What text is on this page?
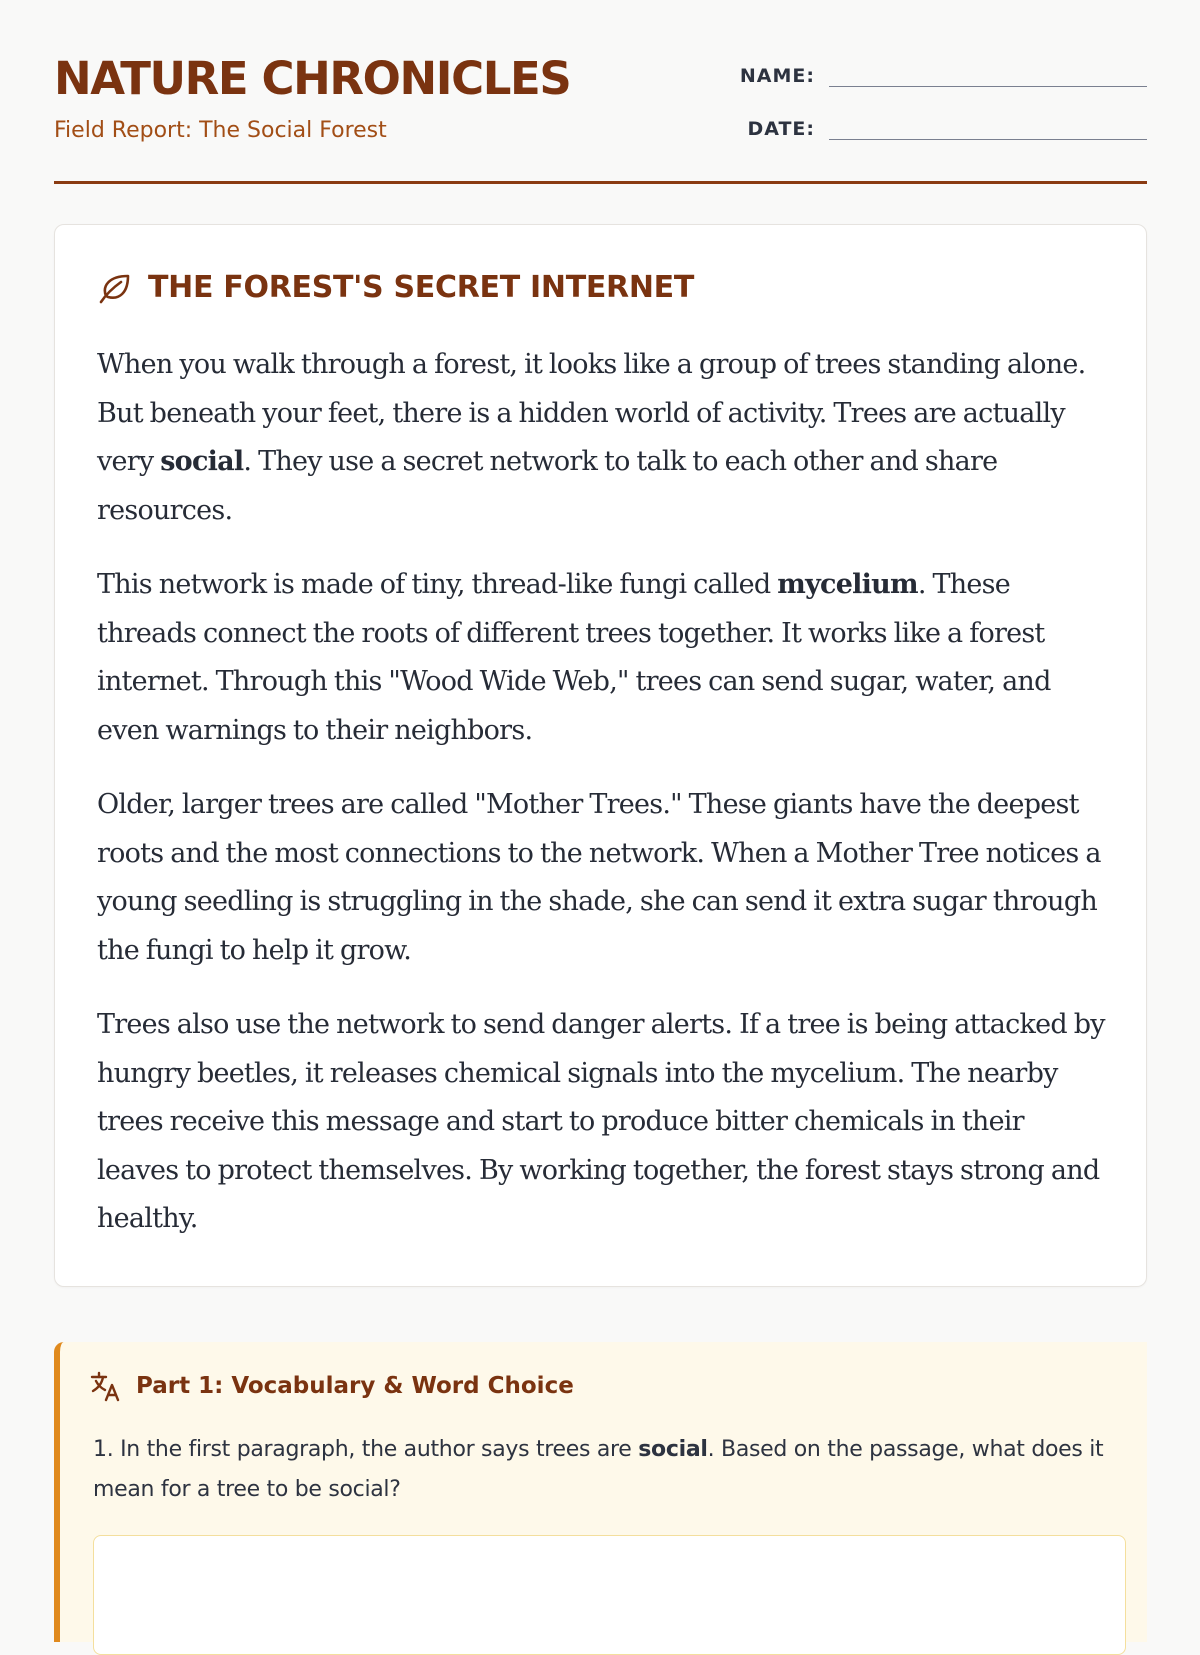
NATURE CHRONICLES
Field Report: The Social Forest
NAME:
DATE:
THE FOREST'S SECRET INTERNET

When you walk through a forest, it looks like a group of trees standing alone. But beneath your feet, there is a hidden world of activity. Trees are actually very social. They use a secret network to talk to each other and share resources.

This network is made of tiny, thread-like fungi called mycelium. These threads connect the roots of different trees together. It works like a forest internet. Through this "Wood Wide Web," trees can send sugar, water, and even warnings to their neighbors.

Older, larger trees are called "Mother Trees." These giants have the deepest roots and the most connections to the network. When a Mother Tree notices a young seedling is struggling in the shade, she can send it extra sugar through the fungi to help it grow.

Trees also use the network to send danger alerts. If a tree is being attacked by hungry beetles, it releases chemical signals into the mycelium. The nearby trees receive this message and start to produce bitter chemicals in their leaves to protect themselves. By working together, the forest stays strong and healthy.

Part 1: Vocabulary & Word Choice
1. In the first paragraph, the author says trees are social. Based on the passage, what does it mean for a tree to be social?
